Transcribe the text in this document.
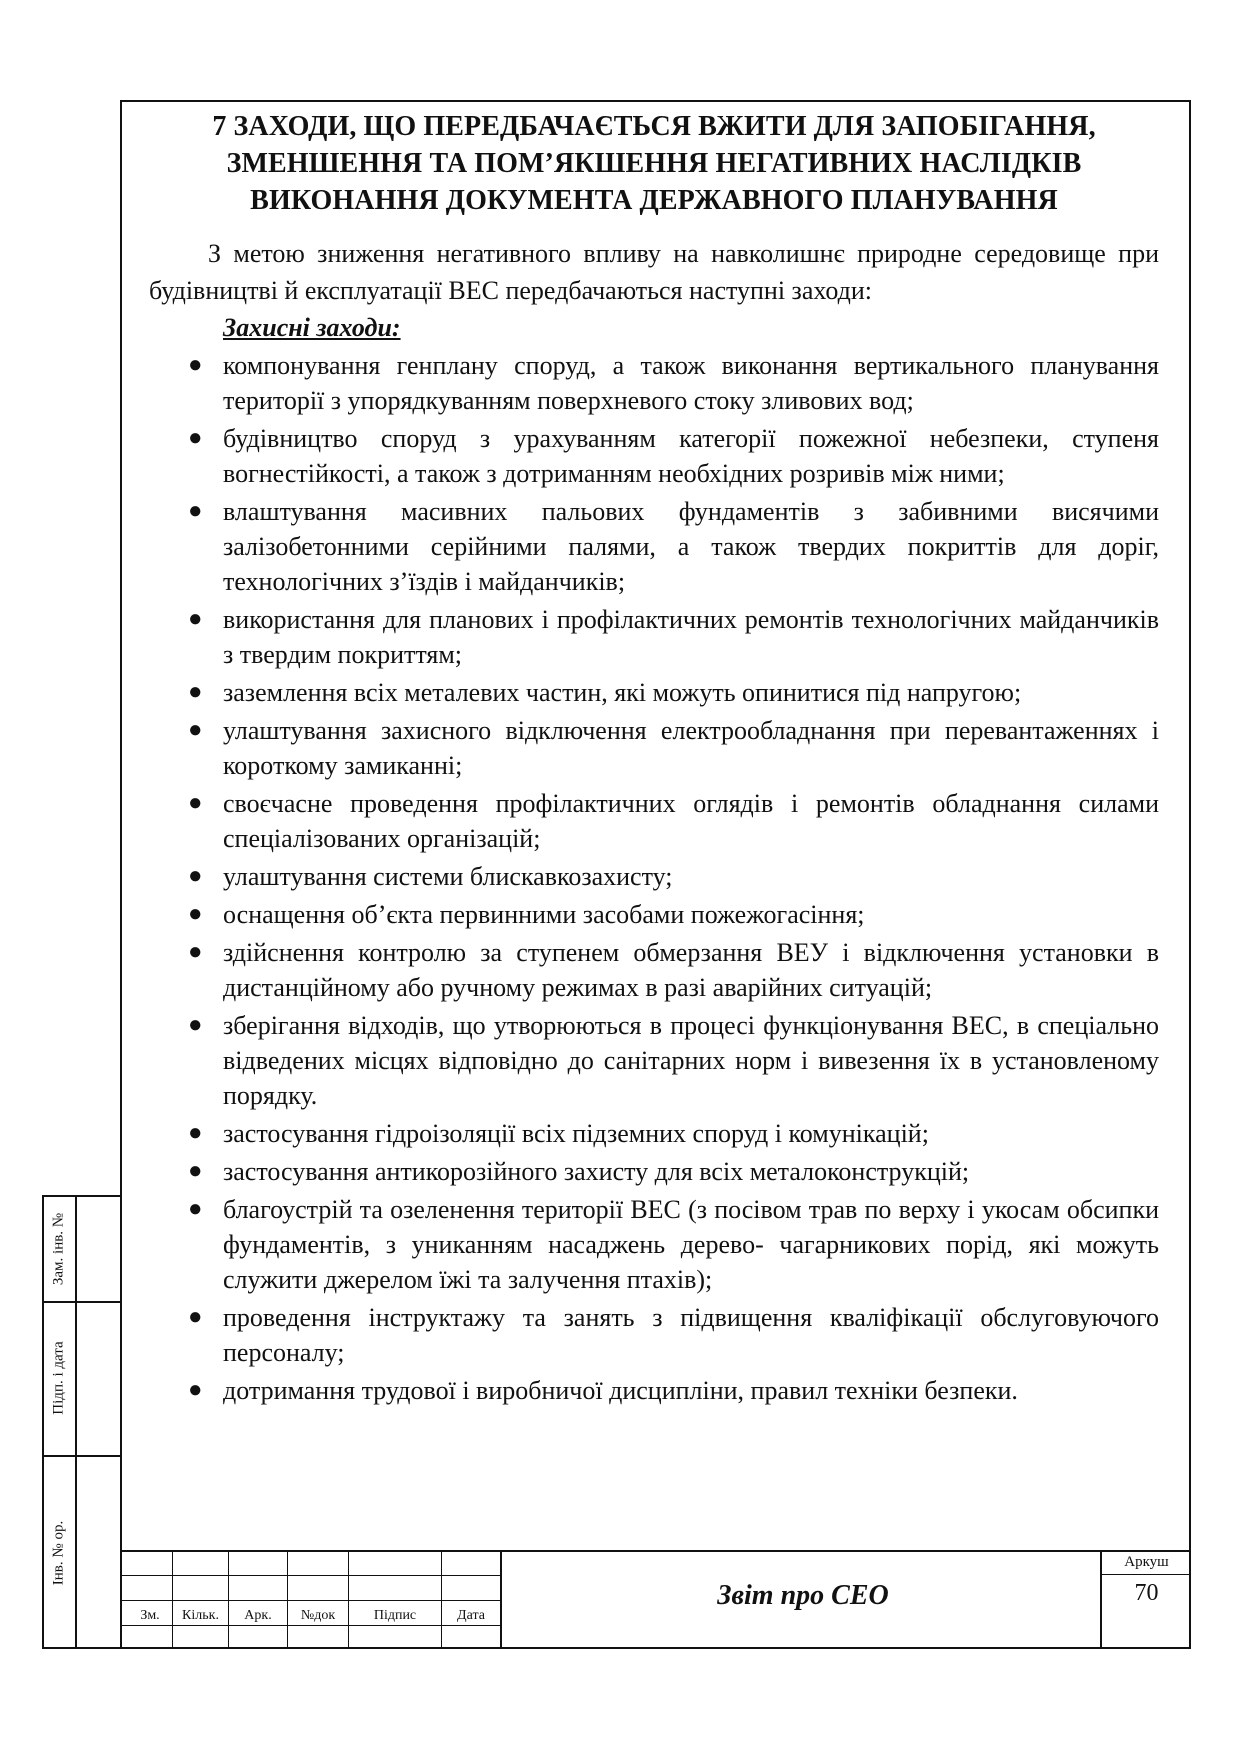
7 ЗАХОДИ, ЩО ПЕРЕДБАЧАЄТЬСЯ ВЖИТИ ДЛЯ ЗАПОБІГАННЯ, ЗМЕНШЕННЯ ТА ПОМ’ЯКШЕННЯ НЕГАТИВНИХ НАСЛІДКІВ ВИКОНАННЯ ДОКУМЕНТА ДЕРЖАВНОГО ПЛАНУВАННЯ

З метою зниження негативного впливу на навколишнє природне середовище при будівництві й експлуатації ВЕС передбачаються наступні заходи:

Захисні заходи:

● компонування генплану споруд, а також виконання вертикального планування території з упорядкуванням поверхневого стоку зливових вод;
● будівництво споруд з урахуванням категорії пожежної небезпеки, ступеня вогнестійкості, а також з дотриманням необхідних розривів між ними;
● влаштування масивних пальових фундаментів з забивними висячими залізобетонними серійними палями, а також твердих покриттів для доріг, технологічних з’їздів і майданчиків;
● використання для планових і профілактичних ремонтів технологічних майданчиків з твердим покриттям;
● заземлення всіх металевих частин, які можуть опинитися під напругою;
● улаштування захисного відключення електрообладнання при перевантаженнях і короткому замиканні;
● своєчасне проведення профілактичних оглядів і ремонтів обладнання силами спеціалізованих організацій;
● улаштування системи блискавкозахисту;
● оснащення об’єкта первинними засобами пожежогасіння;
● здійснення контролю за ступенем обмерзання ВЕУ і відключення установки в дистанційному або ручному режимах в разі аварійних ситуацій;
● зберігання відходів, що утворюються в процесі функціонування ВЕС, в спеціально відведених місцях відповідно до санітарних норм і вивезення їх в установленому порядку.
● застосування гідроізоляції всіх підземних споруд і комунікацій;
● застосування антикорозійного захисту для всіх металоконструкцій;
● благоустрій та озеленення території ВЕС (з посівом трав по верху і укосам обсипки фундаментів, з униканням насаджень дерево- чагарникових порід, які можуть служити джерелом їжі та залучення птахів);
● проведення інструктажу та занять з підвищення кваліфікації обслуговуючого персоналу;
● дотримання трудової і виробничої дисципліни, правил техніки безпеки.
Зам. інв. №
Підп. і дата
Інв. № ор.
Зм.	Кільк.	Арк.	№док	Підпис	Дата
Звіт про СЕО
Аркуш
70
